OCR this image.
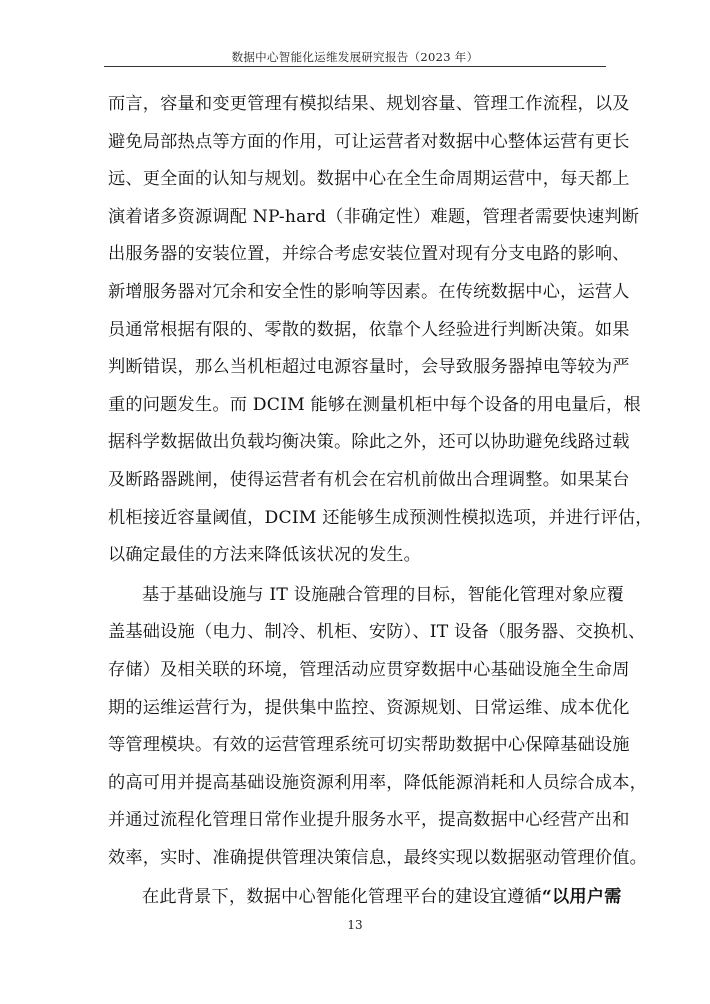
数据中心智能化运维发展研究报告（2023 年）
而言，容量和变更管理有模拟结果、规划容量、管理工作流程，以及
避免局部热点等方面的作用，可让运营者对数据中心整体运营有更长
远、更全面的认知与规划。数据中心在全生命周期运营中，每天都上
演着诸多资源调配 NP-hard（非确定性）难题，管理者需要快速判断
出服务器的安装位置，并综合考虑安装位置对现有分支电路的影响、
新增服务器对冗余和安全性的影响等因素。在传统数据中心，运营人
员通常根据有限的、零散的数据，依靠个人经验进行判断决策。如果
判断错误，那么当机柜超过电源容量时，会导致服务器掉电等较为严
重的问题发生。而 DCIM 能够在测量机柜中每个设备的用电量后，根
据科学数据做出负载均衡决策。除此之外，还可以协助避免线路过载
及断路器跳闸，使得运营者有机会在宕机前做出合理调整。如果某台
机柜接近容量阈值，DCIM 还能够生成预测性模拟选项，并进行评估，
以确定最佳的方法来降低该状况的发生。
基于基础设施与 IT 设施融合管理的目标，智能化管理对象应覆
盖基础设施（电力、制冷、机柜、安防）、IT 设备（服务器、交换机、
存储）及相关联的环境，管理活动应贯穿数据中心基础设施全生命周
期的运维运营行为，提供集中监控、资源规划、日常运维、成本优化
等管理模块。有效的运营管理系统可切实帮助数据中心保障基础设施
的高可用并提高基础设施资源利用率，降低能源消耗和人员综合成本，
并通过流程化管理日常作业提升服务水平，提高数据中心经营产出和
效率，实时、准确提供管理决策信息，最终实现以数据驱动管理价值。
在此背景下，数据中心智能化管理平台的建设宜遵循“以用户需
13
